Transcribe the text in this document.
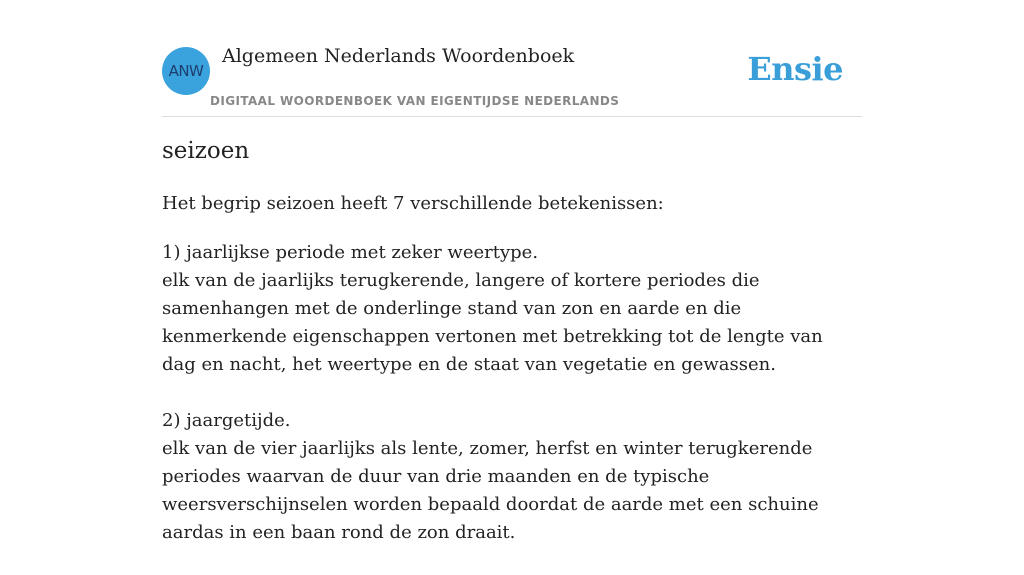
ANW
Algemeen Nederlands Woordenboek
DIGITAAL WOORDENBOEK VAN EIGENTIJDSE NEDERLANDS
Ensie
seizoen
Het begrip seizoen heeft 7 verschillende betekenissen:
1) jaarlijkse periode met zeker weertype.
elk van de jaarlijks terugkerende, langere of kortere periodes die samenhangen met de onderlinge stand van zon en aarde en die kenmerkende eigenschappen vertonen met betrekking tot de lengte van dag en nacht, het weertype en de staat van vegetatie en gewassen.
2) jaargetijde.
elk van de vier jaarlijks als lente, zomer, herfst en winter terugkerende periodes waarvan de duur van drie maanden en de typische weersverschijnselen worden bepaald doordat de aarde met een schuine aardas in een baan rond de zon draait.
